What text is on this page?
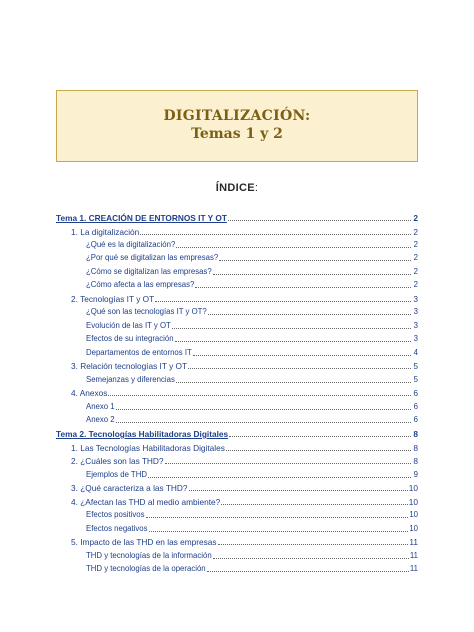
DIGITALIZACIÓN:
Temas 1 y 2
ÍNDICE:
Tema 1. CREACIÓN DE ENTORNOS IT Y OT	2
1. La digitalización	2
¿Qué es la digitalización?	2
¿Por qué se digitalizan las empresas?	2
¿Cómo se digitalizan las empresas?	2
¿Cómo afecta a las empresas?	2
2. Tecnologías IT y OT	3
¿Qué son las tecnologías IT y OT?	3
Evolución de las IT y OT	3
Efectos de su integración	3
Departamentos de entornos IT	4
3. Relación tecnologías IT y OT	5
Semejanzas y diferencias	5
4. Anexos	6
Anexo 1	6
Anexo 2	6
Tema 2. Tecnologías Habilitadoras Digitales	8
1. Las Tecnologías Habilitadoras Digitales	8
2. ¿Cuáles son las THD?	8
Ejemplos de THD	9
3. ¿Qué caracteriza a las THD?	10
4. ¿Afectan las THD al medio ambiente?	10
Efectos positivos	10
Efectos negativos	10
5. Impacto de las THD en las empresas	11
THD y tecnologías de la información	11
THD y tecnologías de la operación	11
